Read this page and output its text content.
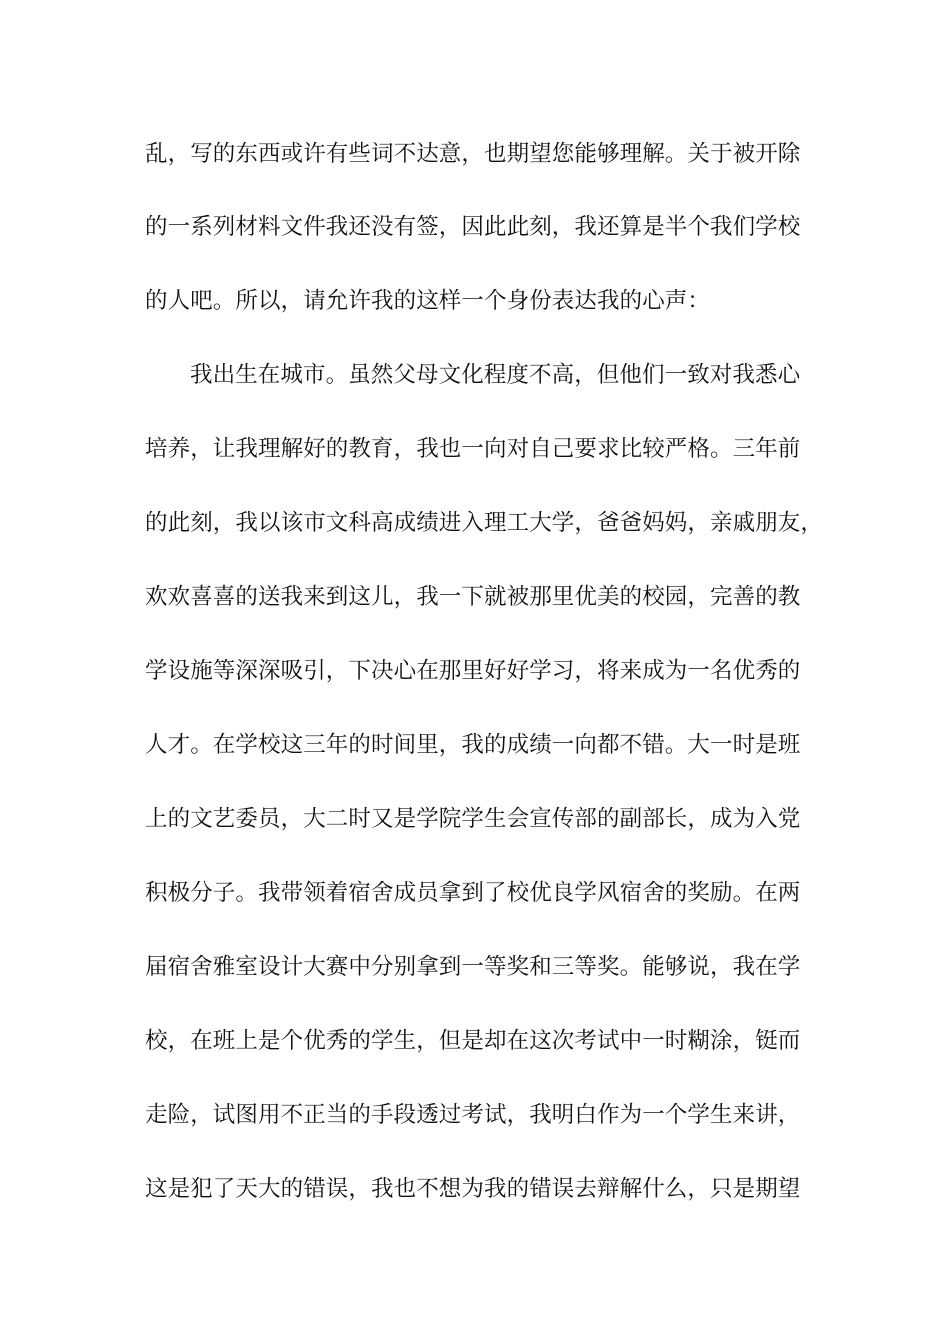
乱，写的东西或许有些词不达意，也期望您能够理解。关于被开除
的一系列材料文件我还没有签，因此此刻，我还算是半个我们学校
的人吧。所以，请允许我的这样一个身份表达我的心声：
我出生在城市。虽然父母文化程度不高，但他们一致对我悉心
培养，让我理解好的教育，我也一向对自己要求比较严格。三年前
的此刻，我以该市文科高成绩进入理工大学，爸爸妈妈，亲戚朋友，
欢欢喜喜的送我来到这儿，我一下就被那里优美的校园，完善的教
学设施等深深吸引，下决心在那里好好学习，将来成为一名优秀的
人才。在学校这三年的时间里，我的成绩一向都不错。大一时是班
上的文艺委员，大二时又是学院学生会宣传部的副部长，成为入党
积极分子。我带领着宿舍成员拿到了校优良学风宿舍的奖励。在两
届宿舍雅室设计大赛中分别拿到一等奖和三等奖。能够说，我在学
校，在班上是个优秀的学生，但是却在这次考试中一时糊涂，铤而
走险，试图用不正当的手段透过考试，我明白作为一个学生来讲，
这是犯了天大的错误，我也不想为我的错误去辩解什么，只是期望
